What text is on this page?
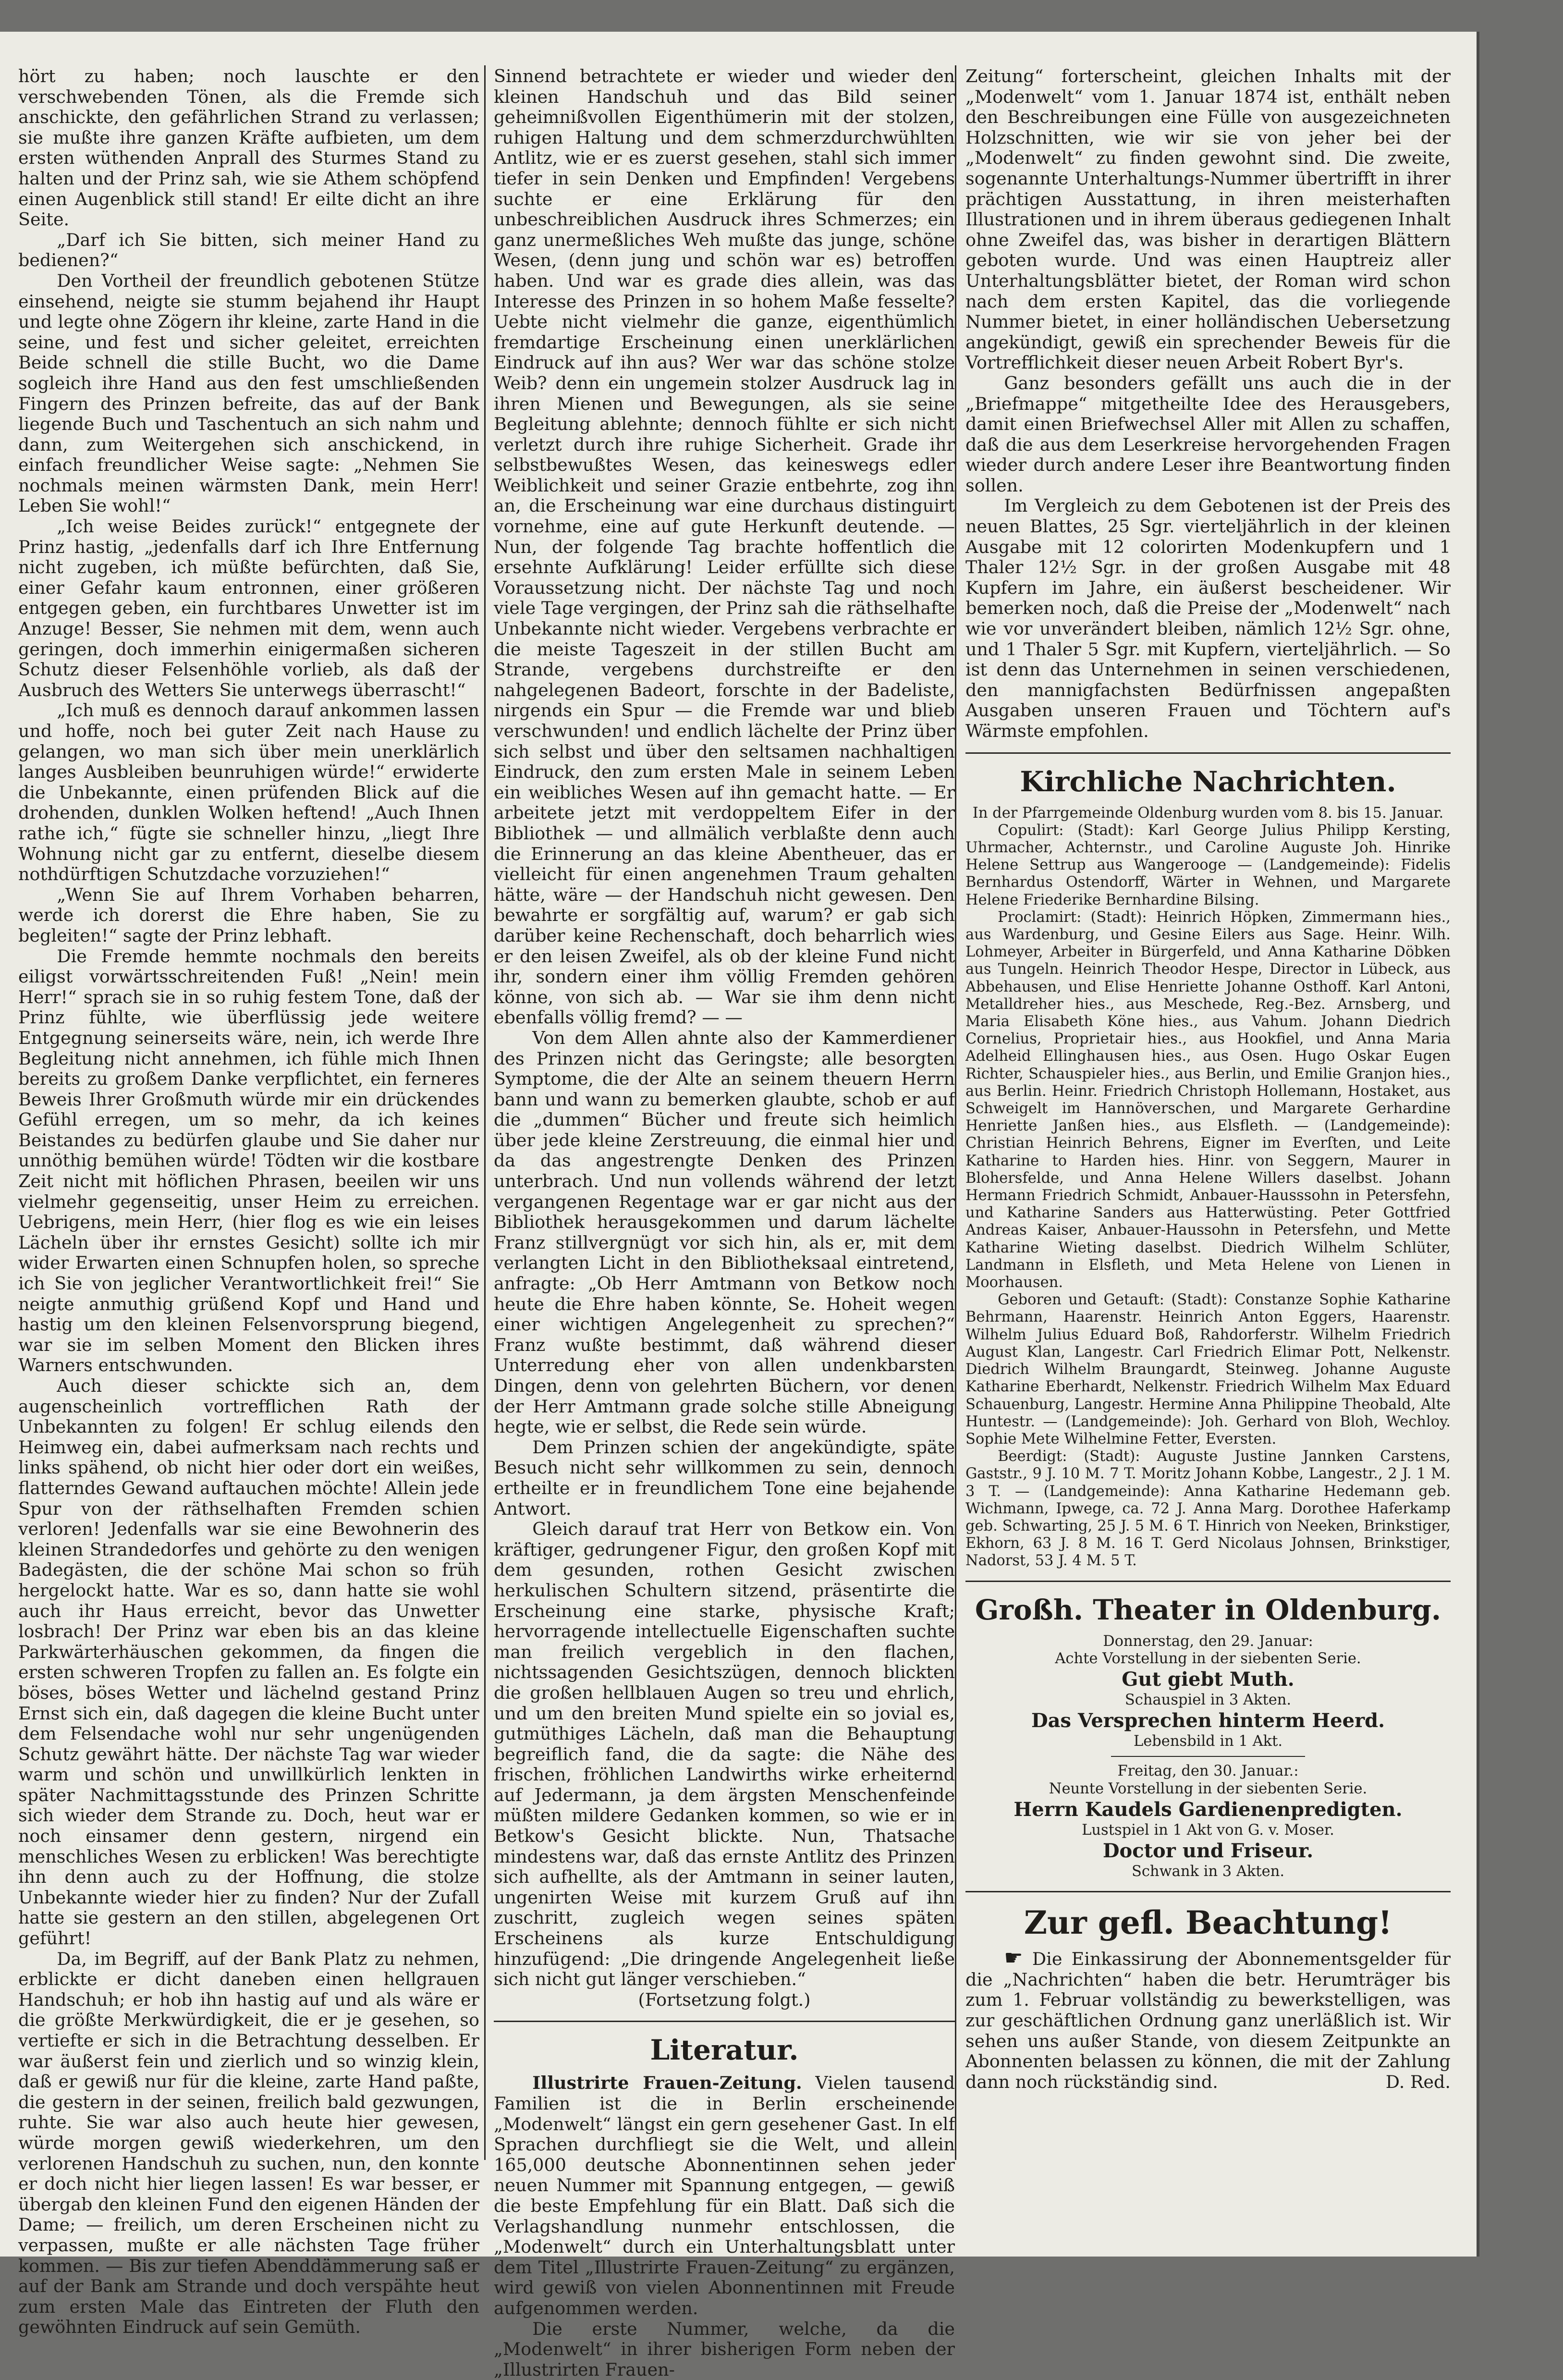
hört zu haben; noch lauschte er den verschwebenden Tönen, als die Fremde sich anschickte, den gefährlichen Strand zu verlassen; sie mußte ihre ganzen Kräfte aufbieten, um dem ersten wüthenden Anprall des Sturmes Stand zu halten und der Prinz sah, wie sie Athem schöpfend einen Augenblick still stand! Er eilte dicht an ihre Seite.

„Darf ich Sie bitten, sich meiner Hand zu bedienen?“

Den Vortheil der freundlich gebotenen Stütze einsehend, neigte sie stumm bejahend ihr Haupt und legte ohne Zögern ihr kleine, zarte Hand in die seine, und fest und sicher geleitet, erreichten Beide schnell die stille Bucht, wo die Dame sogleich ihre Hand aus den fest umschließenden Fingern des Prinzen befreite, das auf der Bank liegende Buch und Taschentuch an sich nahm und dann, zum Weitergehen sich anschickend, in einfach freundlicher Weise sagte: „Nehmen Sie nochmals meinen wärmsten Dank, mein Herr! Leben Sie wohl!“

„Ich weise Beides zurück!“ entgegnete der Prinz hastig, „jedenfalls darf ich Ihre Entfernung nicht zugeben, ich müßte befürchten, daß Sie, einer Gefahr kaum entronnen, einer größeren entgegen geben, ein furchtbares Unwetter ist im Anzuge! Besser, Sie nehmen mit dem, wenn auch geringen, doch immerhin einigermaßen sicheren Schutz dieser Felsenhöhle vorlieb, als daß der Ausbruch des Wetters Sie unterwegs überrascht!“

„Ich muß es dennoch darauf ankommen lassen und hoffe, noch bei guter Zeit nach Hause zu gelangen, wo man sich über mein unerklärlich langes Ausbleiben beunruhigen würde!“ erwiderte die Unbekannte, einen prüfenden Blick auf die drohenden, dunklen Wolken heftend! „Auch Ihnen rathe ich,“ fügte sie schneller hinzu, „liegt Ihre Wohnung nicht gar zu entfernt, dieselbe diesem nothdürftigen Schutzdache vorzuziehen!“

„Wenn Sie auf Ihrem Vorhaben beharren, werde ich dorerst die Ehre haben, Sie zu begleiten!“ sagte der Prinz lebhaft.

Die Fremde hemmte nochmals den bereits eiligst vorwärtsschreitenden Fuß! „Nein! mein Herr!“ sprach sie in so ruhig festem Tone, daß der Prinz fühlte, wie überflüssig jede weitere Entgegnung seinerseits wäre, nein, ich werde Ihre Begleitung nicht annehmen, ich fühle mich Ihnen bereits zu großem Danke verpflichtet, ein ferneres Beweis Ihrer Großmuth würde mir ein drückendes Gefühl erregen, um so mehr, da ich keines Beistandes zu bedürfen glaube und Sie daher nur unnöthig bemühen würde! Tödten wir die kostbare Zeit nicht mit höflichen Phrasen, beeilen wir uns vielmehr gegenseitig, unser Heim zu erreichen. Uebrigens, mein Herr, (hier flog es wie ein leises Lächeln über ihr ernstes Gesicht) sollte ich mir wider Erwarten einen Schnupfen holen, so spreche ich Sie von jeglicher Verantwortlichkeit frei!“ Sie neigte anmuthig grüßend Kopf und Hand und hastig um den kleinen Felsenvorsprung biegend, war sie im selben Moment den Blicken ihres Warners entschwunden.

Auch dieser schickte sich an, dem augenscheinlich vortrefflichen Rath der Unbekannten zu folgen! Er schlug eilends den Heimweg ein, dabei aufmerksam nach rechts und links spähend, ob nicht hier oder dort ein weißes, flatterndes Gewand auftauchen möchte! Allein jede Spur von der räthselhaften Fremden schien verloren! Jedenfalls war sie eine Bewohnerin des kleinen Strandedorfes und gehörte zu den wenigen Badegästen, die der schöne Mai schon so früh hergelockt hatte. War es so, dann hatte sie wohl auch ihr Haus erreicht, bevor das Unwetter losbrach! Der Prinz war eben bis an das kleine Parkwärterhäuschen gekommen, da fingen die ersten schweren Tropfen zu fallen an. Es folgte ein böses, böses Wetter und lächelnd gestand Prinz Ernst sich ein, daß dagegen die kleine Bucht unter dem Felsendache wohl nur sehr ungenügenden Schutz gewährt hätte. Der nächste Tag war wieder warm und schön und unwillkürlich lenkten in später Nachmittagsstunde des Prinzen Schritte sich wieder dem Strande zu. Doch, heut war er noch einsamer denn gestern, nirgend ein menschliches Wesen zu erblicken! Was berechtigte ihn denn auch zu der Hoffnung, die stolze Unbekannte wieder hier zu finden? Nur der Zufall hatte sie gestern an den stillen, abgelegenen Ort geführt!

Da, im Begriff, auf der Bank Platz zu nehmen, erblickte er dicht daneben einen hellgrauen Handschuh; er hob ihn hastig auf und als wäre er die größte Merkwürdigkeit, die er je gesehen, so vertiefte er sich in die Betrachtung desselben. Er war äußerst fein und zierlich und so winzig klein, daß er gewiß nur für die kleine, zarte Hand paßte, die gestern in der seinen, freilich bald gezwungen, ruhte. Sie war also auch heute hier gewesen, würde morgen gewiß wiederkehren, um den verlorenen Handschuh zu suchen, nun, den konnte er doch nicht hier liegen lassen! Es war besser, er übergab den kleinen Fund den eigenen Händen der Dame; — freilich, um deren Erscheinen nicht zu verpassen, mußte er alle nächsten Tage früher kommen. — Bis zur tiefen Abenddämmerung saß er auf der Bank am Strande und doch verspähte heut zum ersten Male das Eintreten der Fluth den gewöhnten Eindruck auf sein Gemüth.

Sinnend betrachtete er wieder und wieder den kleinen Handschuh und das Bild seiner geheimnißvollen Eigenthümerin mit der stolzen, ruhigen Haltung und dem schmerzdurchwühlten Antlitz, wie er es zuerst gesehen, stahl sich immer tiefer in sein Denken und Empfinden! Vergebens suchte er eine Erklärung für den unbeschreiblichen Ausdruck ihres Schmerzes; ein ganz unermeßliches Weh mußte das junge, schöne Wesen, (denn jung und schön war es) betroffen haben. Und war es grade dies allein, was das Interesse des Prinzen in so hohem Maße fesselte? Uebte nicht vielmehr die ganze, eigenthümlich fremdartige Erscheinung einen unerklärlichen Eindruck auf ihn aus? Wer war das schöne stolze Weib? denn ein ungemein stolzer Ausdruck lag in ihren Mienen und Bewegungen, als sie seine Begleitung ablehnte; dennoch fühlte er sich nicht verletzt durch ihre ruhige Sicherheit. Grade ihr selbstbewußtes Wesen, das keineswegs edler Weiblichkeit und seiner Grazie entbehrte, zog ihn an, die Erscheinung war eine durchaus distinguirt vornehme, eine auf gute Herkunft deutende. — Nun, der folgende Tag brachte hoffentlich die ersehnte Aufklärung! Leider erfüllte sich diese Voraussetzung nicht. Der nächste Tag und noch viele Tage vergingen, der Prinz sah die räthselhafte Unbekannte nicht wieder. Vergebens verbrachte er die meiste Tageszeit in der stillen Bucht am Strande, vergebens durchstreifte er den nahgelegenen Badeort, forschte in der Badeliste, nirgends ein Spur — die Fremde war und blieb verschwunden! und endlich lächelte der Prinz über sich selbst und über den seltsamen nachhaltigen Eindruck, den zum ersten Male in seinem Leben ein weibliches Wesen auf ihn gemacht hatte. — Er arbeitete jetzt mit verdoppeltem Eifer in der Bibliothek — und allmälich verblaßte denn auch die Erinnerung an das kleine Abentheuer, das er vielleicht für einen angenehmen Traum gehalten hätte, wäre — der Handschuh nicht gewesen. Den bewahrte er sorgfältig auf, warum? er gab sich darüber keine Rechenschaft, doch beharrlich wies er den leisen Zweifel, als ob der kleine Fund nicht ihr, sondern einer ihm völlig Fremden gehören könne, von sich ab. — War sie ihm denn nicht ebenfalls völlig fremd? — —

Von dem Allen ahnte also der Kammerdiener des Prinzen nicht das Geringste; alle besorgten Symptome, die der Alte an seinem theuern Herrn bann und wann zu bemerken glaubte, schob er auf die „dummen“ Bücher und freute sich heimlich über jede kleine Zerstreuung, die einmal hier und da das angestrengte Denken des Prinzen unterbrach. Und nun vollends während der letzt vergangenen Regentage war er gar nicht aus der Bibliothek herausgekommen und darum lächelte Franz stillvergnügt vor sich hin, als er, mit dem verlangten Licht in den Bibliotheksaal eintretend, anfragte: „Ob Herr Amtmann von Betkow noch heute die Ehre haben könnte, Se. Hoheit wegen einer wichtigen Angelegenheit zu sprechen?“ Franz wußte bestimmt, daß während dieser Unterredung eher von allen undenkbarsten Dingen, denn von gelehrten Büchern, vor denen der Herr Amtmann grade solche stille Abneigung hegte, wie er selbst, die Rede sein würde.

Dem Prinzen schien der angekündigte, späte Besuch nicht sehr willkommen zu sein, dennoch ertheilte er in freundlichem Tone eine bejahende Antwort.

Gleich darauf trat Herr von Betkow ein. Von kräftiger, gedrungener Figur, den großen Kopf mit dem gesunden, rothen Gesicht zwischen herkulischen Schultern sitzend, präsentirte die Erscheinung eine starke, physische Kraft; hervorragende intellectuelle Eigenschaften suchte man freilich vergeblich in den flachen, nichtssagenden Gesichtszügen, dennoch blickten die großen hellblauen Augen so treu und ehrlich, und um den breiten Mund spielte ein so jovial es, gutmüthiges Lächeln, daß man die Behauptung begreiflich fand, die da sagte: die Nähe des frischen, fröhlichen Landwirths wirke erheiternd auf Jedermann, ja dem ärgsten Menschenfeinde müßten mildere Gedanken kommen, so wie er in Betkow's Gesicht blickte. Nun, Thatsache mindestens war, daß das ernste Antlitz des Prinzen sich aufhellte, als der Amtmann in seiner lauten, ungenirten Weise mit kurzem Gruß auf ihn zuschritt, zugleich wegen seines späten Erscheinens als kurze Entschuldigung hinzufügend: „Die dringende Angelegenheit ließe sich nicht gut länger verschieben.“

(Fortsetzung folgt.)

Literatur.

Illustrirte Frauen-Zeitung. Vielen tausend Familien ist die in Berlin erscheinende „Modenwelt“ längst ein gern gesehener Gast. In elf Sprachen durchfliegt sie die Welt, und allein 165,000 deutsche Abonnentinnen sehen jeder neuen Nummer mit Spannung entgegen, — gewiß die beste Empfehlung für ein Blatt. Daß sich die Verlagshandlung nunmehr entschlossen, die „Modenwelt“ durch ein Unterhaltungsblatt unter dem Titel „Illustrirte Frauen-Zeitung“ zu ergänzen, wird gewiß von vielen Abonnentinnen mit Freude aufgenommen werden.

Die erste Nummer, welche, da die „Modenwelt“ in ihrer bisherigen Form neben der „Illustrirten Frauen-

Zeitung“ forterscheint, gleichen Inhalts mit der „Modenwelt“ vom 1. Januar 1874 ist, enthält neben den Beschreibungen eine Fülle von ausgezeichneten Holzschnitten, wie wir sie von jeher bei der „Modenwelt“ zu finden gewohnt sind. Die zweite, sogenannte Unterhaltungs-Nummer übertrifft in ihrer prächtigen Ausstattung, in ihren meisterhaften Illustrationen und in ihrem überaus gediegenen Inhalt ohne Zweifel das, was bisher in derartigen Blättern geboten wurde. Und was einen Hauptreiz aller Unterhaltungsblätter bietet, der Roman wird schon nach dem ersten Kapitel, das die vorliegende Nummer bietet, in einer holländischen Uebersetzung angekündigt, gewiß ein sprechender Beweis für die Vortrefflichkeit dieser neuen Arbeit Robert Byr's.

Ganz besonders gefällt uns auch die in der „Briefmappe“ mitgetheilte Idee des Herausgebers, damit einen Briefwechsel Aller mit Allen zu schaffen, daß die aus dem Leserkreise hervorgehenden Fragen wieder durch andere Leser ihre Beantwortung finden sollen.

Im Vergleich zu dem Gebotenen ist der Preis des neuen Blattes, 25 Sgr. vierteljährlich in der kleinen Ausgabe mit 12 colorirten Modenkupfern und 1 Thaler 12½ Sgr. in der großen Ausgabe mit 48 Kupfern im Jahre, ein äußerst bescheidener. Wir bemerken noch, daß die Preise der „Modenwelt“ nach wie vor unverändert bleiben, nämlich 12½ Sgr. ohne, und 1 Thaler 5 Sgr. mit Kupfern, vierteljährlich. — So ist denn das Unternehmen in seinen verschiedenen, den mannigfachsten Bedürfnissen angepaßten Ausgaben unseren Frauen und Töchtern auf's Wärmste empfohlen.

Kirchliche Nachrichten.

In der Pfarrgemeinde Oldenburg wurden vom 8. bis 15. Januar.

Copulirt: (Stadt): Karl George Julius Philipp Kersting, Uhrmacher, Achternstr., und Caroline Auguste Joh. Hinrike Helene Settrup aus Wangerooge — (Landgemeinde): Fidelis Bernhardus Ostendorff, Wärter in Wehnen, und Margarete Helene Friederike Bernhardine Bilsing.

Proclamirt: (Stadt): Heinrich Höpken, Zimmermann hies., aus Wardenburg, und Gesine Eilers aus Sage. Heinr. Wilh. Lohmeyer, Arbeiter in Bürgerfeld, und Anna Katharine Döbken aus Tungeln. Heinrich Theodor Hespe, Director in Lübeck, aus Abbehausen, und Elise Henriette Johanne Osthoff. Karl Antoni, Metalldreher hies., aus Meschede, Reg.-Bez. Arnsberg, und Maria Elisabeth Köne hies., aus Vahum. Johann Diedrich Cornelius, Proprietair hies., aus Hookfiel, und Anna Maria Adelheid Ellinghausen hies., aus Osen. Hugo Oskar Eugen Richter, Schauspieler hies., aus Berlin, und Emilie Granjon hies., aus Berlin. Heinr. Friedrich Christoph Hollemann, Hostaket, aus Schweigelt im Hannöverschen, und Margarete Gerhardine Henriette Janßen hies., aus Elsfleth. — (Landgemeinde): Christian Heinrich Behrens, Eigner im Everſten, und Leite Katharine to Harden hies. Hinr. von Seggern, Maurer in Blohersfelde, und Anna Helene Willers daselbst. Johann Hermann Friedrich Schmidt, Anbauer-Hausssohn in Petersfehn, und Katharine Sanders aus Hatterwüsting. Peter Gottfried Andreas Kaiser, Anbauer-Haussohn in Petersfehn, und Mette Katharine Wieting daselbst. Diedrich Wilhelm Schlüter, Landmann in Elsfleth, und Meta Helene von Lienen in Moorhausen.

Geboren und Getauft: (Stadt): Constanze Sophie Katharine Behrmann, Haarenstr. Heinrich Anton Eggers, Haarenstr. Wilhelm Julius Eduard Boß, Rahdorferstr. Wilhelm Friedrich August Klan, Langestr. Carl Friedrich Elimar Pott, Nelkenstr. Diedrich Wilhelm Braungardt, Steinweg. Johanne Auguste Katharine Eberhardt, Nelkenstr. Friedrich Wilhelm Max Eduard Schauenburg, Langestr. Hermine Anna Philippine Theobald, Alte Huntestr. — (Landgemeinde): Joh. Gerhard von Bloh, Wechloy. Sophie Mete Wilhelmine Fetter, Eversten.

Beerdigt: (Stadt): Auguste Justine Jannken Carstens, Gaststr., 9 J. 10 M. 7 T. Moritz Johann Kobbe, Langestr., 2 J. 1 M. 3 T. — (Landgemeinde): Anna Katharine Hedemann geb. Wichmann, Ipwege, ca. 72 J. Anna Marg. Dorothee Haferkamp geb. Schwarting, 25 J. 5 M. 6 T. Hinrich von Neeken, Brinkstiger, Ekhorn, 63 J. 8 M. 16 T. Gerd Nicolaus Johnsen, Brinkstiger, Nadorst, 53 J. 4 M. 5 T.

Großh. Theater in Oldenburg.

Donnerstag, den 29. Januar:

Achte Vorstellung in der siebenten Serie.

Gut giebt Muth.

Schauspiel in 3 Akten.

Das Versprechen hinterm Heerd.

Lebensbild in 1 Akt.

Freitag, den 30. Januar.:

Neunte Vorstellung in der siebenten Serie.

Herrn Kaudels Gardienenpredigten.

Lustspiel in 1 Akt von G. v. Moser.

Doctor und Friseur.

Schwank in 3 Akten.

Zur gefl. Beachtung!

☛ Die Einkassirung der Abonnementsgelder für die „Nachrichten“ haben die betr. Herumträger bis zum 1. Februar vollständig zu bewerkstelligen, was zur geschäftlichen Ordnung ganz unerläßlich ist. Wir sehen uns außer Stande, von diesem Zeitpunkte an Abonnenten belassen zu können, die mit der Zahlung dann noch rückständig sind.	D. Red.
